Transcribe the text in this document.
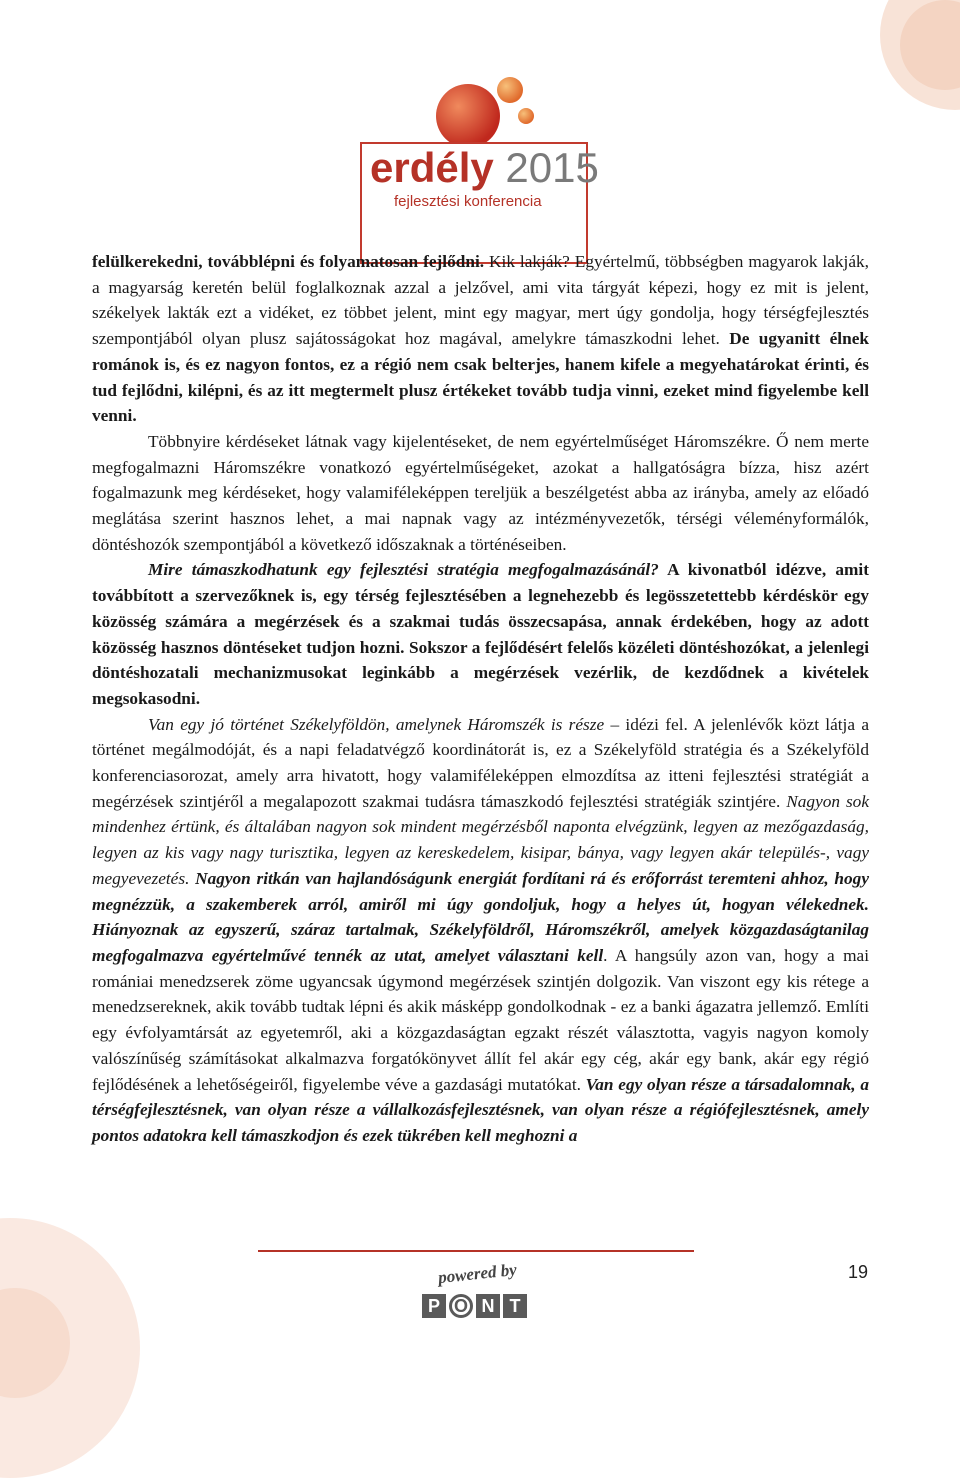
erdély 2015
fejlesztési konferencia

felülkerekedni, továbblépni és folyamatosan fejlődni. Kik lakják? Egyértelmű, többségben magyarok lakják, a magyarság keretén belül foglalkoznak azzal a jelzővel, ami vita tárgyát képezi, hogy ez mit is jelent, székelyek lakták ezt a vidéket, ez többet jelent, mint egy magyar, mert úgy gondolja, hogy térségfejlesztés szempontjából olyan plusz sajátosságokat hoz magával, amelykre támaszkodni lehet. De ugyanitt élnek románok is, és ez nagyon fontos, ez a régió nem csak belterjes, hanem kifele a megyehatárokat érinti, és tud fejlődni, kilépni, és az itt megtermelt plusz értékeket tovább tudja vinni, ezeket mind figyelembe kell venni.

Többnyire kérdéseket látnak vagy kijelentéseket, de nem egyértelműséget Háromszékre. Ő nem merte megfogalmazni Háromszékre vonatkozó egyértelműségeket, azokat a hallgatóságra bízza, hisz azért fogalmazunk meg kérdéseket, hogy valamiféleképpen tereljük a beszélgetést abba az irányba, amely az előadó meglátása szerint hasznos lehet, a mai napnak vagy az intézményvezetők, térségi véleményformálók, döntéshozók szempontjából a következő időszaknak a történéseiben.

Mire támaszkodhatunk egy fejlesztési stratégia megfogalmazásánál? A kivonatból idézve, amit továbbított a szervezőknek is, egy térség fejlesztésében a legnehezebb és legösszetettebb kérdéskör egy közösség számára a megérzések és a szakmai tudás összecsapása, annak érdekében, hogy az adott közösség hasznos döntéseket tudjon hozni. Sokszor a fejlődésért felelős közéleti döntéshozókat, a jelenlegi döntéshozatali mechanizmusokat leginkább a megérzések vezérlik, de kezdődnek a kivételek megsokasodni.

Van egy jó történet Székelyföldön, amelynek Háromszék is része – idézi fel. A jelenlévők közt látja a történet megálmodóját, és a napi feladatvégző koordinátorát is, ez a Székelyföld stratégia és a Székelyföld konferenciasorozat, amely arra hivatott, hogy valamiféleképpen elmozdítsa az itteni fejlesztési stratégiát a megérzések szintjéről a megalapozott szakmai tudásra támaszkodó fejlesztési stratégiák szintjére. Nagyon sok mindenhez értünk, és általában nagyon sok mindent megérzésből naponta elvégzünk, legyen az mezőgazdaság, legyen az kis vagy nagy turisztika, legyen az kereskedelem, kisipar, bánya, vagy legyen akár település-, vagy megyevezetés. Nagyon ritkán van hajlandóságunk energiát fordítani rá és erőforrást teremteni ahhoz, hogy megnézzük, a szakemberek arról, amiről mi úgy gondoljuk, hogy a helyes út, hogyan vélekednek. Hiányoznak az egyszerű, száraz tartalmak, Székelyföldről, Háromszékről, amelyek közgazdaságtanilag megfogalmazva egyértelművé tennék az utat, amelyet választani kell. A hangsúly azon van, hogy a mai romániai menedzserek zöme ugyancsak úgymond megérzések szintjén dolgozik. Van viszont egy kis rétege a menedzsereknek, akik tovább tudtak lépni és akik másképp gondolkodnak - ez a banki ágazatra jellemző. Említi egy évfolyamtársát az egyetemről, aki a közgazdaságtan egzakt részét választotta, vagyis nagyon komoly valószínűség számításokat alkalmazva forgatókönyvet állít fel akár egy cég, akár egy bank, akár egy régió fejlődésének a lehetőségeiről, figyelembe véve a gazdasági mutatókat. Van egy olyan része a társadalomnak, a térségfejlesztésnek, van olyan része a vállalkozásfejlesztésnek, van olyan része a régiófejlesztésnek, amely pontos adatokra kell támaszkodjon és ezek tükrében kell meghozni a

powered by
P O N T
19
